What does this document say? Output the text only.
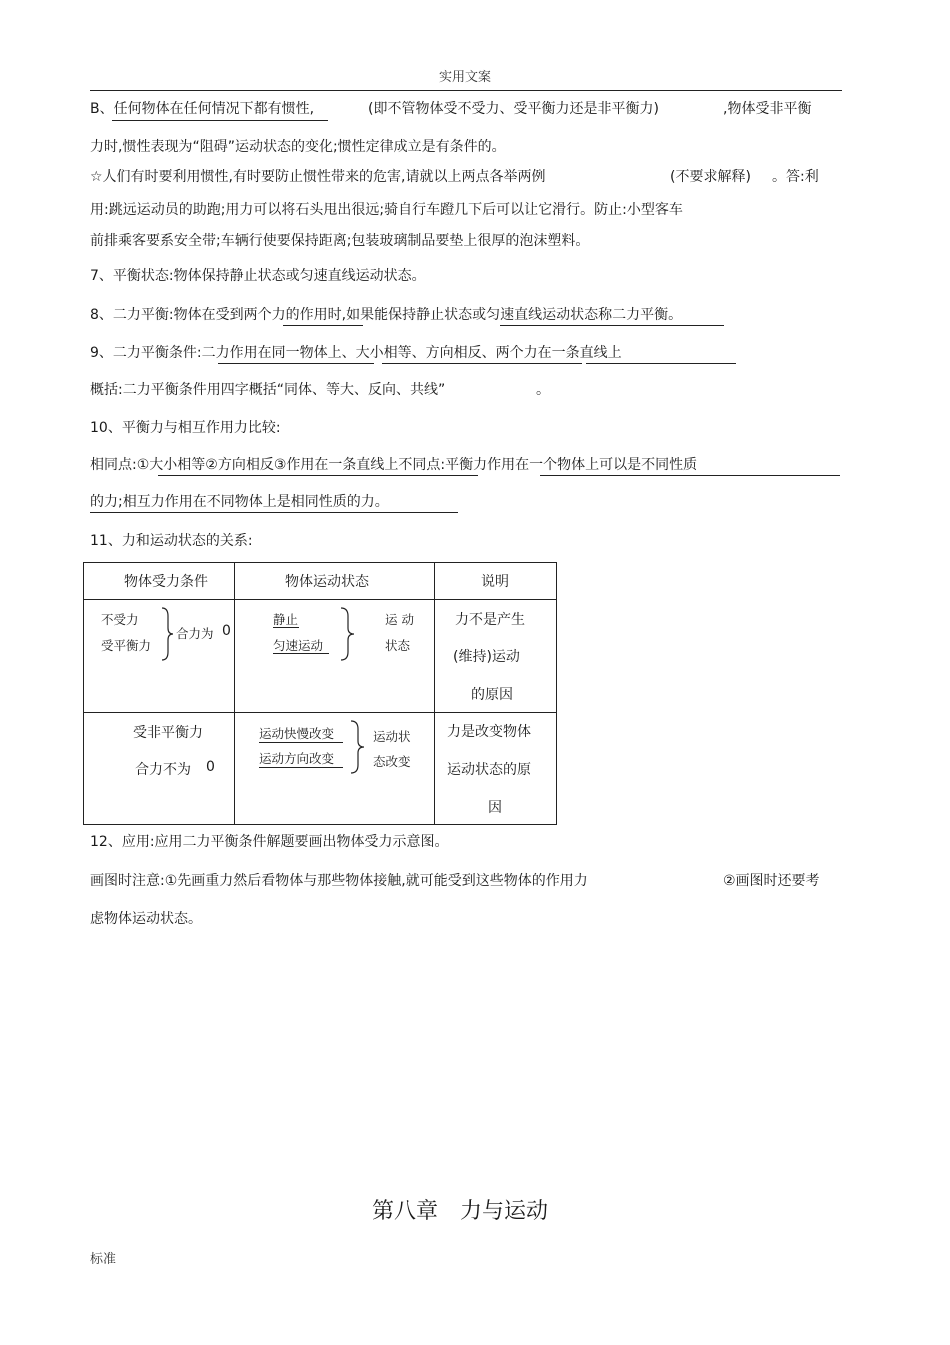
实用文案
B、任何物体在任何情况下都有惯性,	(即不管物体受不受力、受平衡力还是非平衡力)	,物体受非平衡
力时,惯性表现为“阻碍”运动状态的变化;惯性定律成立是有条件的。
☆人们有时要利用惯性,有时要防止惯性带来的危害,请就以上两点各举两例	(不要求解释) 。答:利
用:跳远运动员的助跑;用力可以将石头甩出很远;骑自行车蹬几下后可以让它滑行。防止:小型客车
前排乘客要系安全带;车辆行使要保持距离;包装玻璃制品要垫上很厚的泡沫塑料。
7、平衡状态:物体保持静止状态或匀速直线运动状态。
8、二力平衡:物体在受到两个力的作用时,如果能保持静止状态或匀速直线运动状态称二力平衡。
9、二力平衡条件:二力作用在同一物体上、大小相等、方向相反、两个力在一条直线上
概括:二力平衡条件用四字概括“同体、等大、反向、共线”	。
10、平衡力与相互作用力比较:
相同点:①大小相等②方向相反③作用在一条直线上不同点:平衡力作用在一个物体上可以是不同性质
的力;相互力作用在不同物体上是相同性质的力。
11、力和运动状态的关系:
物体受力条件	物体运动状态	说明

不受力
受平衡力
合力为 0	静止
匀速运动
运 动
状态	力不是产生
(维持)运动
的原因

受非平衡力
合力不为 0	运动快慢改变
运动方向改变
运动状
态改变	力是改变物体
运动状态的原
因
12、应用:应用二力平衡条件解题要画出物体受力示意图。
画图时注意:①先画重力然后看物体与那些物体接触,就可能受到这些物体的作用力	②画图时还要考
虑物体运动状态。
第八章　力与运动
标准
